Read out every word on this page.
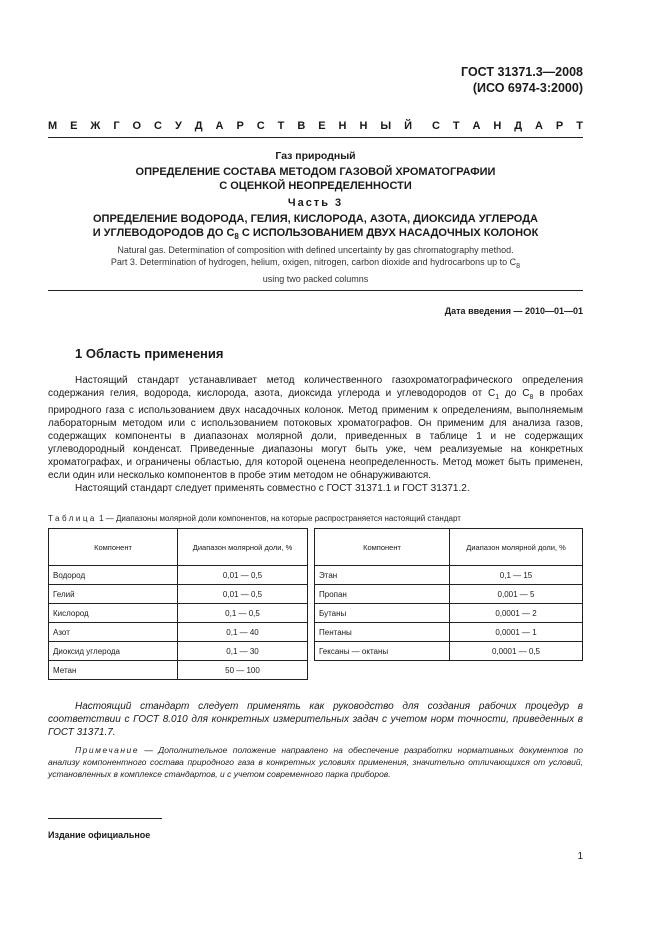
ГОСТ 31371.3—2008
(ИСО 6974-3:2000)
М Е Ж Г О С У Д А Р С Т В Е Н Н Ы Й С Т А Н Д А Р Т
Газ природный
ОПРЕДЕЛЕНИЕ СОСТАВА МЕТОДОМ ГАЗОВОЙ ХРОМАТОГРАФИИ
С ОЦЕНКОЙ НЕОПРЕДЕЛЕННОСТИ
Часть 3
ОПРЕДЕЛЕНИЕ ВОДОРОДА, ГЕЛИЯ, КИСЛОРОДА, АЗОТА, ДИОКСИДА УГЛЕРОДА
И УГЛЕВОДОРОДОВ ДО $С_8$ С ИСПОЛЬЗОВАНИЕМ ДВУХ НАСАДОЧНЫХ КОЛОНОК
Natural gas. Determination of composition with defined uncertainty by gas chromatography method.
Part 3. Determination of hydrogen, helium, oxigen, nitrogen, carbon dioxide and hydrocarbons up to $C_8$
using two packed columns
Дата введения — 2010—01—01
1 Область применения
Настоящий стандарт устанавливает метод количественного газохроматографического определения содержания гелия, водорода, кислорода, азота, диоксида углерода и углеводородов от $С_1$ до $С_8$ в пробах природного газа с использованием двух насадочных колонок. Метод применим к определениям, выполняемым лабораторным методом или с использованием потоковых хроматографов. Он применим для анализа газов, содержащих компоненты в диапазонах молярной доли, приведенных в таблице 1 и не содержащих углеводородный конденсат. Приведенные диапазоны могут быть уже, чем реализуемые на конкретных хроматографах, и ограничены областью, для которой оценена неопределенность. Метод может быть применен, если один или несколько компонентов в пробе этим методом не обнаруживаются.
Настоящий стандарт следует применять совместно с ГОСТ 31371.1 и ГОСТ 31371.2.
Таблица 1 — Диапазоны молярной доли компонентов, на которые распространяется настоящий стандарт
Компонент	Диапазон молярной доли, %
Водород	0,01 — 0,5
Гелий	0,01 — 0,5
Кислород	0,1 — 0,5
Азот	0,1 — 40
Диоксид углерода	0,1 — 30
Метан	50 — 100
Компонент	Диапазон молярной доли, %
Этан	0,1 — 15
Пропан	0,001 — 5
Бутаны	0,0001 — 2
Пентаны	0,0001 — 1
Гексаны — октаны	0,0001 — 0,5
Настоящий стандарт следует применять как руководство для создания рабочих процедур в соответствии с ГОСТ 8.010 для конкретных измерительных задач с учетом норм точности, приведенных в ГОСТ 31371.7.
Примечание — Дополнительное положение направлено на обеспечение разработки нормативных документов по анализу компонентного состава природного газа в конкретных условиях применения, значительно отличающихся от условий, установленных в комплексе стандартов, и с учетом современного парка приборов.
Издание официальное
1
